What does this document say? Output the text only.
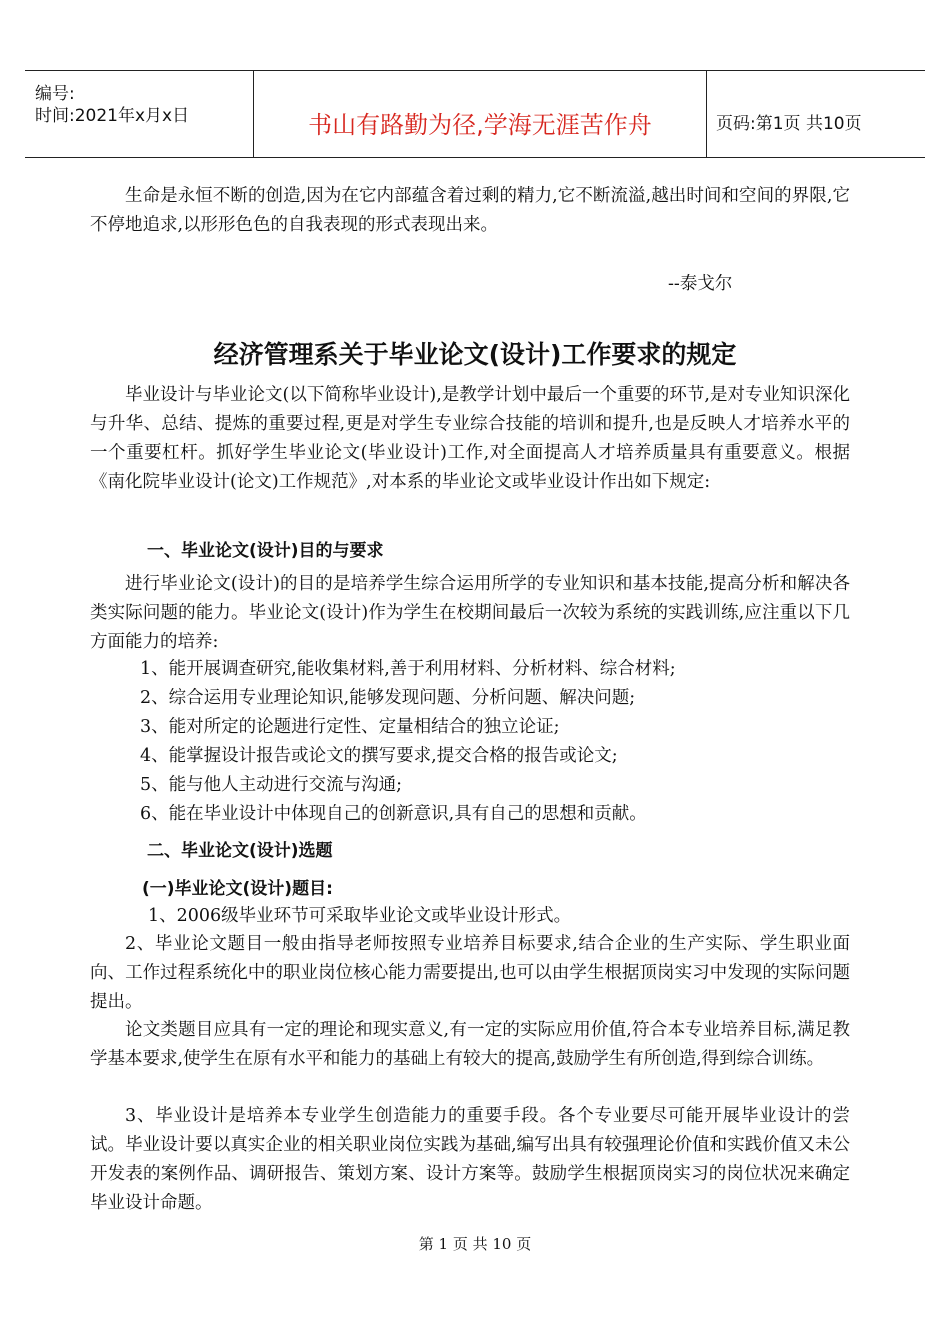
编号:
时间:2021年x月x日	书山有路勤为径,学海无涯苦作舟	页码:第1页 共10页

生命是永恒不断的创造,因为在它内部蕴含着过剩的精力,它不断流溢,越出时间和空间的界限,它不停地追求,以形形色色的自我表现的形式表现出来。

--泰戈尔
经济管理系关于毕业论文(设计)工作要求的规定

毕业设计与毕业论文(以下简称毕业设计),是教学计划中最后一个重要的环节,是对专业知识深化与升华、总结、提炼的重要过程,更是对学生专业综合技能的培训和提升,也是反映人才培养水平的一个重要杠杆。抓好学生毕业论文(毕业设计)工作,对全面提高人才培养质量具有重要意义。根据《南化院毕业设计(论文)工作规范》,对本系的毕业论文或毕业设计作出如下规定:

一、毕业论文(设计)目的与要求

进行毕业论文(设计)的目的是培养学生综合运用所学的专业知识和基本技能,提高分析和解决各类实际问题的能力。毕业论文(设计)作为学生在校期间最后一次较为系统的实践训练,应注重以下几方面能力的培养:

1、能开展调查研究,能收集材料,善于利用材料、分析材料、综合材料;
2、综合运用专业理论知识,能够发现问题、分析问题、解决问题;
3、能对所定的论题进行定性、定量相结合的独立论证;
4、能掌握设计报告或论文的撰写要求,提交合格的报告或论文;
5、能与他人主动进行交流与沟通;
6、能在毕业设计中体现自己的创新意识,具有自己的思想和贡献。
二、毕业论文(设计)选题
(一)毕业论文(设计)题目:
1、2006级毕业环节可采取毕业论文或毕业设计形式。

2、毕业论文题目一般由指导老师按照专业培养目标要求,结合企业的生产实际、学生职业面向、工作过程系统化中的职业岗位核心能力需要提出,也可以由学生根据顶岗实习中发现的实际问题提出。

论文类题目应具有一定的理论和现实意义,有一定的实际应用价值,符合本专业培养目标,满足教学基本要求,使学生在原有水平和能力的基础上有较大的提高,鼓励学生有所创造,得到综合训练。

3、毕业设计是培养本专业学生创造能力的重要手段。各个专业要尽可能开展毕业设计的尝试。毕业设计要以真实企业的相关职业岗位实践为基础,编写出具有较强理论价值和实践价值又未公开发表的案例作品、调研报告、策划方案、设计方案等。鼓励学生根据顶岗实习的岗位状况来确定毕业设计命题。

第 1 页 共 10 页
